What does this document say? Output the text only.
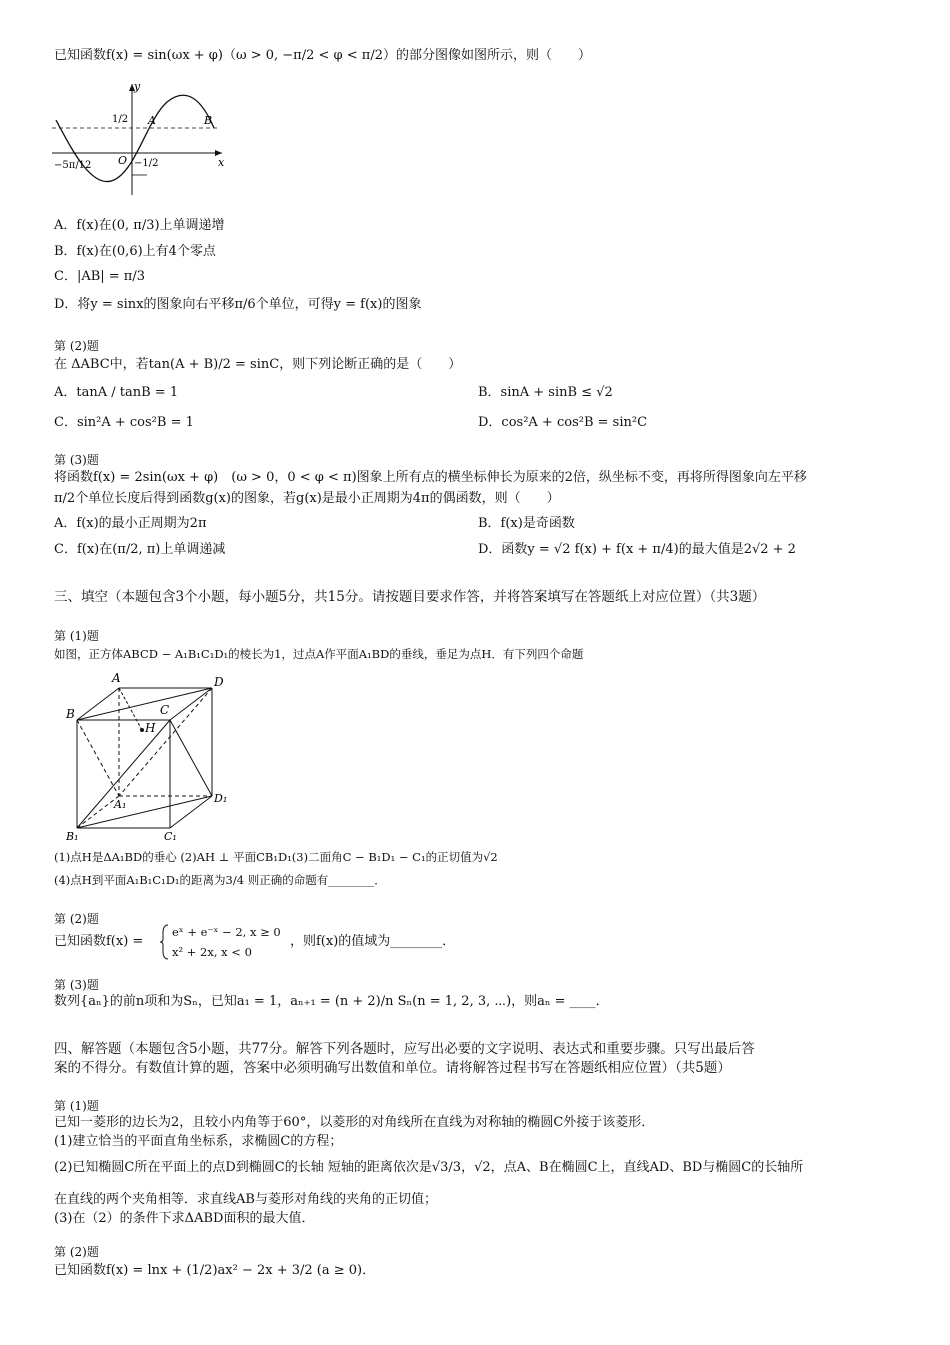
已知函数f(x) = sin(ωx + φ)（ω > 0, −π/2 < φ < π/2）的部分图像如图所示，则（　　）
y
x
O
1/2
−1/2
−5π/12
A	B
A．f(x)在(0, π/3)上单调递增
B．f(x)在(0,6)上有4个零点
C．|AB| = π/3
D．将y = sinx的图象向右平移π/6个单位，可得y = f(x)的图象
第 (2)题
在 ΔABC中，若tan(A + B)/2 = sinC，则下列论断正确的是（　　）
A．tanA / tanB = 1	B．sinA + sinB ≤ √2
C．sin²A + cos²B = 1	D．cos²A + cos²B = sin²C
第 (3)题
将函数f(x) = 2sin(ωx + φ)　(ω > 0，0 < φ < π)图象上所有点的横坐标伸长为原来的2倍，纵坐标不变，再将所得图象向左平移
π/2个单位长度后得到函数g(x)的图象，若g(x)是最小正周期为4π的偶函数，则（　　）
A．f(x)的最小正周期为2π	B．f(x)是奇函数
C．f(x)在(π/2, π)上单调递减	D．函数y = √2 f(x) + f(x + π/4)的最大值是2√2 + 2
三、填空（本题包含3个小题，每小题5分，共15分。请按题目要求作答，并将答案填写在答题纸上对应位置）（共3题）
第 (1)题
如图，正方体ABCD − A₁B₁C₁D₁的棱长为1，过点A作平面A₁BD的垂线，垂足为点H．有下列四个命题
A
B	C
D
H
A₁
B₁	C₁
D₁
(1)点H是ΔA₁BD的垂心 (2)AH ⊥ 平面CB₁D₁(3)二面角C − B₁D₁ − C₁的正切值为√2
(4)点H到平面A₁B₁C₁D₁的距离为3/4 则正确的命题有________．
第 (2)题
已知函数f(x) =
eˣ + e⁻ˣ − 2, x ≥ 0
x² + 2x, x < 0
，则f(x)的值域为________．
第 (3)题
数列{aₙ}的前n项和为Sₙ，已知a₁ = 1，aₙ₊₁ = (n + 2)/n Sₙ(n = 1, 2, 3, ⋯)，则aₙ = ____．
四、解答题（本题包含5小题，共77分。解答下列各题时，应写出必要的文字说明、表达式和重要步骤。只写出最后答
案的不得分。有数值计算的题，答案中必须明确写出数值和单位。请将解答过程书写在答题纸相应位置）（共5题）
第 (1)题
已知一菱形的边长为2，且较小内角等于60°，以菱形的对角线所在直线为对称轴的椭圆C外接于该菱形．
(1)建立恰当的平面直角坐标系，求椭圆C的方程；
(2)已知椭圆C所在平面上的点D到椭圆C的长轴 短轴的距离依次是√3/3，√2，点A、B在椭圆C上，直线AD、BD与椭圆C的长轴所
在直线的两个夹角相等．求直线AB与菱形对角线的夹角的正切值；
(3)在（2）的条件下求ΔABD面积的最大值．
第 (2)题
已知函数f(x) = lnx + (1/2)ax² − 2x + 3/2 (a ≥ 0)．
